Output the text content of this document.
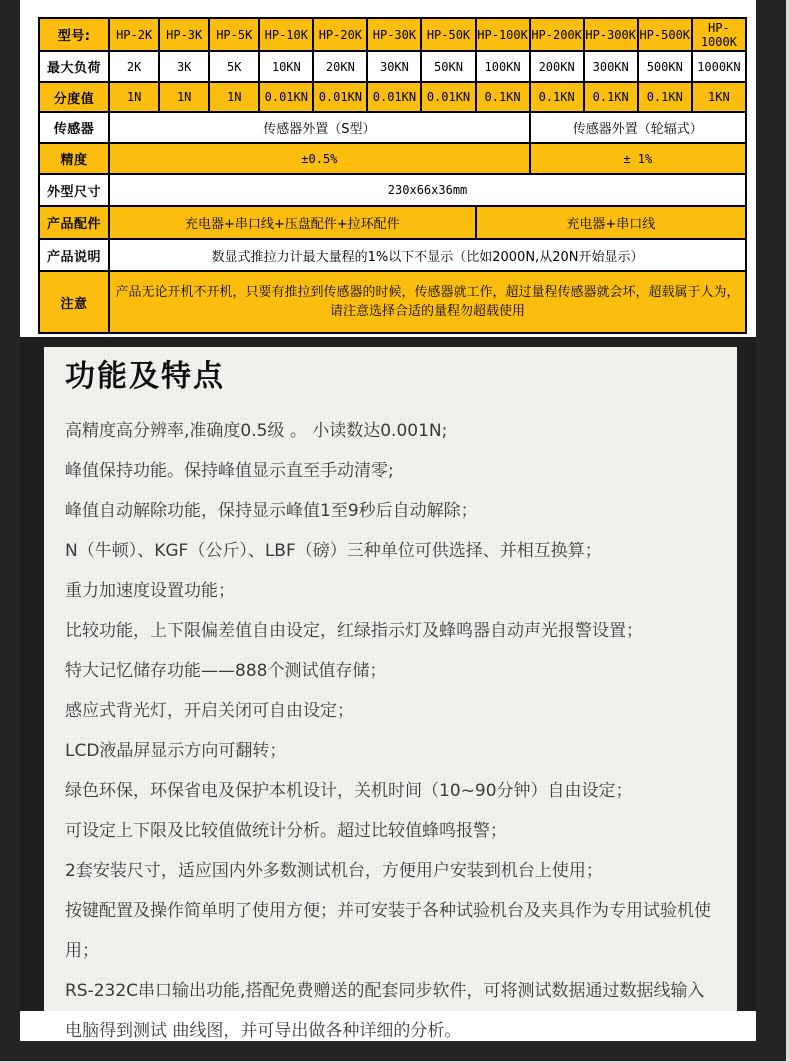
型号:	HP-2K	HP-3K	HP-5K	HP-10K	HP-20K	HP-30K	HP-50K	HP-100K	HP-200K	HP-300K	HP-500K	HP-1000K
最大负荷	2K	3K	5K	10KN	20KN	30KN	50KN	100KN	200KN	300KN	500KN	1000KN
分度值	1N	1N	1N	0.01KN	0.01KN	0.01KN	0.01KN	0.1KN	0.1KN	0.1KN	0.1KN	1KN
传感器	传感器外置（S型）								传感器外置（轮辐式）			
精度	±0.5%								± 1%			
外型尺寸	230x66x36mm											
产品配件	充电器+串口线+压盘配件+拉环配件							充电器+串口线				
产品说明	数显式推拉力计最大量程的1%以下不显示（比如2000N,从20N开始显示）											
注意	产品无论开机不开机，只要有推拉到传感器的时候，传感器就工作，超过量程传感器就会坏，超载属于人为，请注意选择合适的量程勿超载使用											
功能及特点

高精度高分辨率,准确度0.5级 。 小读数达0.001N;

峰值保持功能。保持峰值显示直至手动清零;

峰值自动解除功能，保持显示峰值1至9秒后自动解除；

N（牛顿）、KGF（公斤）、LBF（磅）三种单位可供选择、并相互换算；

重力加速度设置功能；

比较功能，上下限偏差值自由设定，红绿指示灯及蜂鸣器自动声光报警设置；

特大记忆储存功能——888个测试值存储；

感应式背光灯，开启关闭可自由设定；

LCD液晶屏显示方向可翻转；

绿色环保，环保省电及保护本机设计，关机时间（10~90分钟）自由设定；

可设定上下限及比较值做统计分析。超过比较值蜂鸣报警；

2套安装尺寸，适应国内外多数测试机台，方便用户安装到机台上使用；

按键配置及操作简单明了使用方便；并可安装于各种试验机台及夹具作为专用试验机使用；

RS-232C串口输出功能,搭配免费赠送的配套同步软件，可将测试数据通过数据线输入电脑得到测试 曲线图，并可导出做各种详细的分析。
